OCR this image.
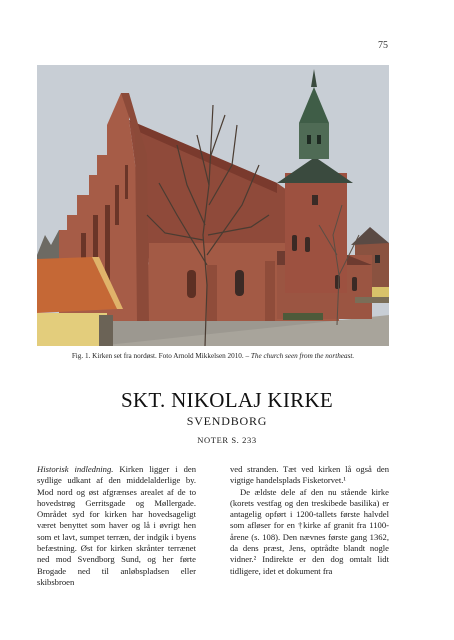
75
Fig. 1. Kirken set fra nordøst. Foto Arnold Mikkelsen 2010. – The church seen from the northeast.
SKT. NIKOLAJ KIRKE
SVENDBORG
NOTER S. 233

Historisk indledning. Kirken ligger i den sydlige udkant af den middelalderlige by. Mod nord og øst afgrænses arealet af de to hovedstrøg Gerritsgade og Møllergade. Området syd for kirken har hovedsageligt været benyttet som haver og lå i øvrigt hen som et lavt, sumpet terræn, der indgik i byens befæstning. Øst for kirken skrånter terrænet ned mod Svendborg Sund, og her førte Brogade ned til anløbspladsen eller skibsbroen

ved stranden. Tæt ved kirken lå også den vigtige handelsplads Fisketorvet.¹

De ældste dele af den nu stående kirke (korets vestfag og den treskibede basilika) er antagelig opført i 1200-tallets første halvdel som afløser for en †kirke af granit fra 1100-årene (s. 108). Den nævnes første gang 1362, da dens præst, Jens, optrådte blandt nogle vidner.² Indirekte er den dog omtalt lidt tidligere, idet et dokument fra
